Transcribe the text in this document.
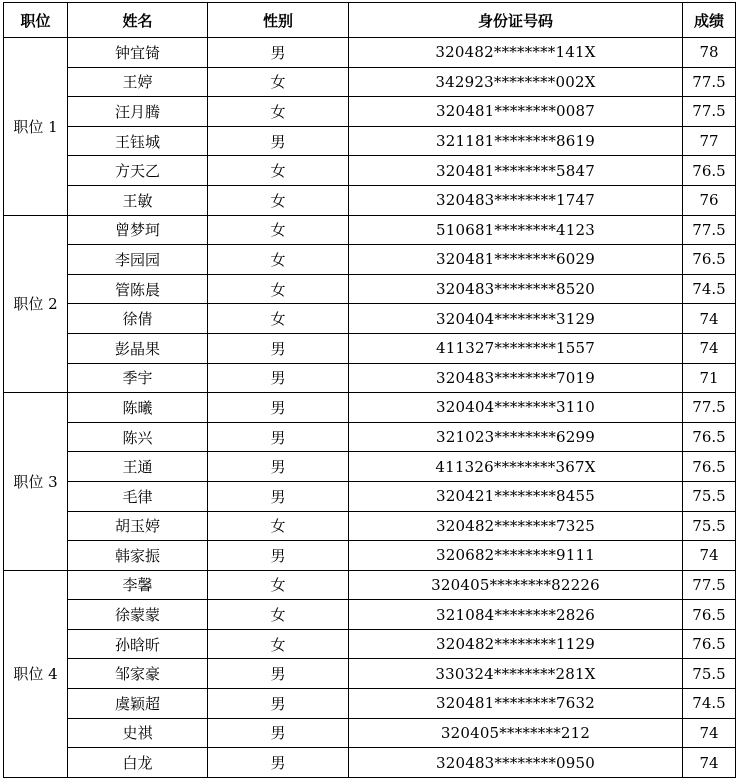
职位	姓名	性别	身份证号码	成绩
职位 1	钟宜锜	男	320482********141X	78
	王婷	女	342923********002X	77.5
	汪月腾	女	320481********0087	77.5
	王钰城	男	321181********8619	77
	方天乙	女	320481********5847	76.5
	王敏	女	320483********1747	76
职位 2	曾梦珂	女	510681********4123	77.5
	李园园	女	320481********6029	76.5
	管陈晨	女	320483********8520	74.5
	徐倩	女	320404********3129	74
	彭晶果	男	411327********1557	74
	季宇	男	320483********7019	71
职位 3	陈曦	男	320404********3110	77.5
	陈兴	男	321023********6299	76.5
	王通	男	411326********367X	76.5
	毛律	男	320421********8455	75.5
	胡玉婷	女	320482********7325	75.5
	韩家振	男	320682********9111	74
职位 4	李馨	女	320405********82226	77.5
	徐蒙蒙	女	321084********2826	76.5
	孙晗昕	女	320482********1129	76.5
	邹家豪	男	330324********281X	75.5
	虞颖超	男	320481********7632	74.5
	史祺	男	320405********212	74
	白龙	男	320483********0950	74
